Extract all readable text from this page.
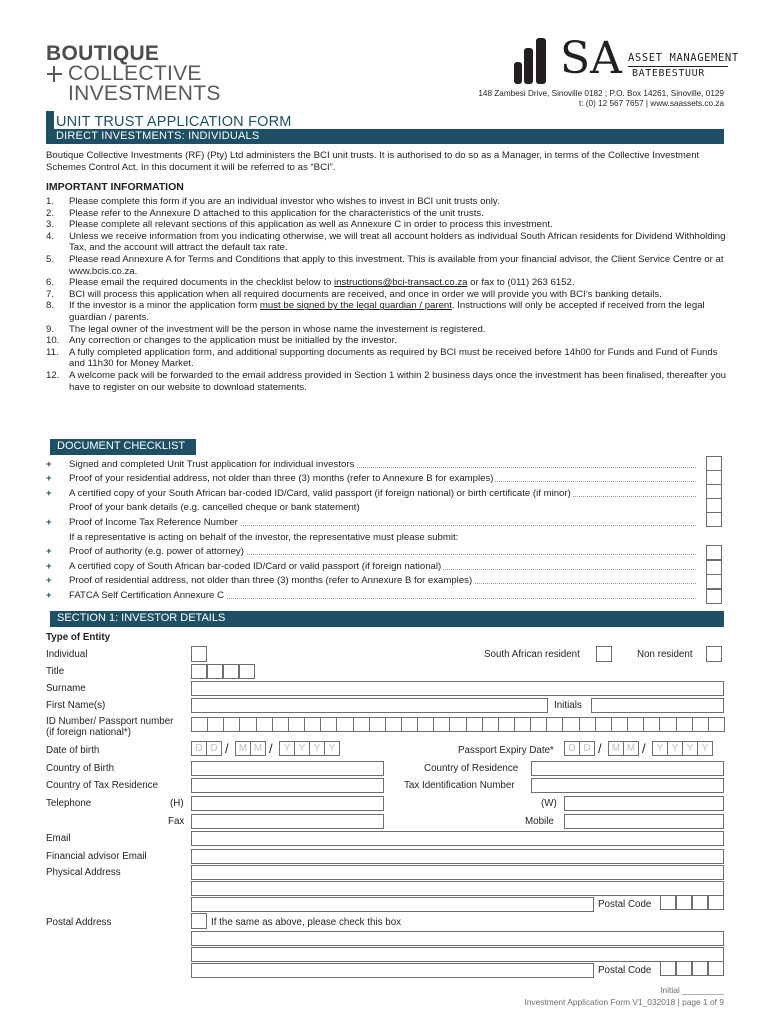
BOUTIQUE
COLLECTIVE
INVESTMENTS
SA ASSET MANAGEMENT
BATEBESTUUR
148 Zambesi Drive, Sinoville 0182 ; P.O. Box 14261, Sinoville, 0129
t: (0) 12 567 7657 | www.saassets.co.za
UNIT TRUST APPLICATION FORM
DIRECT INVESTMENTS: INDIVIDUALS
Boutique Collective Investments (RF) (Pty) Ltd administers the BCI unit trusts. It is authorised to do so as a Manager, in terms of the Collective Investment Schemes Control Act. In this document it will be referred to as “BCI”.
IMPORTANT INFORMATION
1. Please complete this form if you are an individual investor who wishes to invest in BCI unit trusts only.
2. Please refer to the Annexure D attached to this application for the characteristics of the unit trusts.
3. Please complete all relevant sections of this application as well as Annexure C in order to process this investment.
4. Unless we receive information from you indicating otherwise, we will treat all account holders as individual South African residents for Dividend Withholding Tax, and the account will attract the default tax rate.
5. Please read Annexure A for Terms and Conditions that apply to this investment. This is available from your financial advisor, the Client Service Centre or at www.bcis.co.za.
6. Please email the required documents in the checklist below to instructions@bci-transact.co.za or fax to (011) 263 6152.
7. BCI will process this application when all required documents are received, and once in order we will provide you with BCI’s banking details.
8. If the investor is a minor the application form must be signed by the legal guardian / parent. Instructions will only be accepted if received from the legal guardian / parents.
9. The legal owner of the investment will be the person in whose name the investement is registered.
10. Any correction or changes to the application must be initialled by the investor.
11. A fully completed application form, and additional supporting documents as required by BCI must be received before 14h00 for Funds and Fund of Funds and 11h30 for Money Market.
12. A welcome pack will be forwarded to the email address provided in Section 1 within 2 business days once the investment has been finalised, thereafter you have to register on our website to download statements.
DOCUMENT CHECKLIST
+ Signed and completed Unit Trust application for individual investors
+ Proof of your residential address, not older than three (3) months (refer to Annexure B for examples)
+ A certified copy of your South African bar-coded ID/Card, valid passport (if foreign national) or birth certificate (if minor)
Proof of your bank details (e.g. cancelled cheque or bank statement)
+ Proof of Income Tax Reference Number
If a representative is acting on behalf of the investor, the representative must please submit:
+ Proof of authority (e.g. power of attorney)
+ A certified copy of South African bar-coded ID/Card or valid passport (if foreign national)
+ Proof of residential address, not older than three (3) months (refer to Annexure B for examples)
+ FATCA Self Certification Annexure C
SECTION 1: INVESTOR DETAILS
Type of Entity
Individual	South African resident	Non resident
Title
Surname
First Name(s)	Initials
ID Number/ Passport number
(if foreign national*)
Date of birth	D D /	M M /	Y Y Y Y	Passport Expiry Date*	D D /	M M /	Y Y Y Y
Country of Birth	Country of Residence
Country of Tax Residence	Tax Identification Number
Telephone	(H)	(W)
Fax	Mobile
Email
Financial advisor Email
Physical Address
Postal Code
Postal Address	If the same as above, please check this box
Postal Code
Initial _________
Investment Application Form V1_032018 | page 1 of 9
